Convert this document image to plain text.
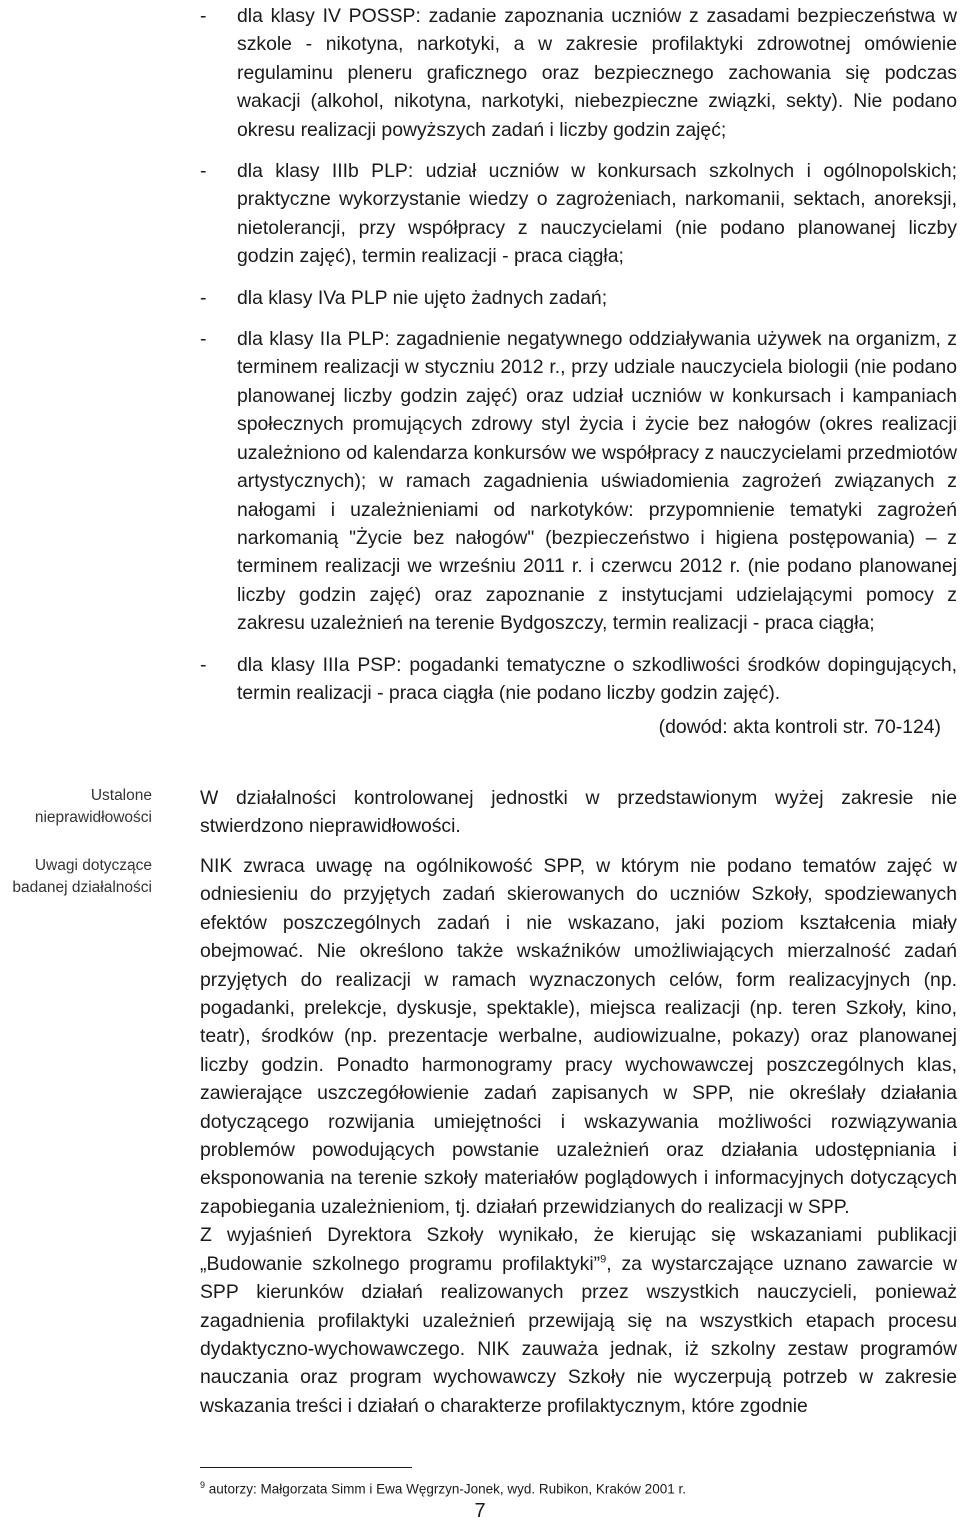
- dla klasy IV POSSP: zadanie zapoznania uczniów z zasadami bezpieczeństwa w szkole - nikotyna, narkotyki, a w zakresie profilaktyki zdrowotnej omówienie regulaminu pleneru graficznego oraz bezpiecznego zachowania się podczas wakacji (alkohol, nikotyna, narkotyki, niebezpieczne związki, sekty). Nie podano okresu realizacji powyższych zadań i liczby godzin zajęć;

- dla klasy IIIb PLP: udział uczniów w konkursach szkolnych i ogólnopolskich; praktyczne wykorzystanie wiedzy o zagrożeniach, narkomanii, sektach, anoreksji, nietolerancji, przy współpracy z nauczycielami (nie podano planowanej liczby godzin zajęć), termin realizacji - praca ciągła;

- dla klasy IVa PLP nie ujęto żadnych zadań;

- dla klasy IIa PLP: zagadnienie negatywnego oddziaływania używek na organizm, z terminem realizacji w styczniu 2012 r., przy udziale nauczyciela biologii (nie podano planowanej liczby godzin zajęć) oraz udział uczniów w konkursach i kampaniach społecznych promujących zdrowy styl życia i życie bez nałogów (okres realizacji uzależniono od kalendarza konkursów we współpracy z nauczycielami przedmiotów artystycznych); w ramach zagadnienia uświadomienia zagrożeń związanych z nałogami i uzależnieniami od narkotyków: przypomnienie tematyki zagrożeń narkomanią "Życie bez nałogów" (bezpieczeństwo i higiena postępowania) – z terminem realizacji we wrześniu 2011 r. i czerwcu 2012 r. (nie podano planowanej liczby godzin zajęć) oraz zapoznanie z instytucjami udzielającymi pomocy z zakresu uzależnień na terenie Bydgoszczy, termin realizacji - praca ciągła;

- dla klasy IIIa PSP: pogadanki tematyczne o szkodliwości środków dopingujących, termin realizacji - praca ciągła (nie podano liczby godzin zajęć).

(dowód: akta kontroli str. 70-124)

Ustalone nieprawidłowości
Uwagi dotyczące badanej działalności

W działalności kontrolowanej jednostki w przedstawionym wyżej zakresie nie stwierdzono nieprawidłowości.

NIK zwraca uwagę na ogólnikowość SPP, w którym nie podano tematów zajęć w odniesieniu do przyjętych zadań skierowanych do uczniów Szkoły, spodziewanych efektów poszczególnych zadań i nie wskazano, jaki poziom kształcenia miały obejmować. Nie określono także wskaźników umożliwiających mierzalność zadań przyjętych do realizacji w ramach wyznaczonych celów, form realizacyjnych (np. pogadanki, prelekcje, dyskusje, spektakle), miejsca realizacji (np. teren Szkoły, kino, teatr), środków (np. prezentacje werbalne, audiowizualne, pokazy) oraz planowanej liczby godzin. Ponadto harmonogramy pracy wychowawczej poszczególnych klas, zawierające uszczegółowienie zadań zapisanych w SPP, nie określały działania dotyczącego rozwijania umiejętności i wskazywania możliwości rozwiązywania problemów powodujących powstanie uzależnień oraz działania udostępniania i eksponowania na terenie szkoły materiałów poglądowych i informacyjnych dotyczących zapobiegania uzależnieniom, tj. działań przewidzianych do realizacji w SPP.

Z wyjaśnień Dyrektora Szkoły wynikało, że kierując się wskazaniami publikacji „Budowanie szkolnego programu profilaktyki”$^9$, za wystarczające uznano zawarcie w SPP kierunków działań realizowanych przez wszystkich nauczycieli, ponieważ zagadnienia profilaktyki uzależnień przewijają się na wszystkich etapach procesu dydaktyczno-wychowawczego. NIK zauważa jednak, iż szkolny zestaw programów nauczania oraz program wychowawczy Szkoły nie wyczerpują potrzeb w zakresie wskazania treści i działań o charakterze profilaktycznym, które zgodnie

$^9$ autorzy: Małgorzata Simm i Ewa Węgrzyn-Jonek, wyd. Rubikon, Kraków 2001 r.
7
